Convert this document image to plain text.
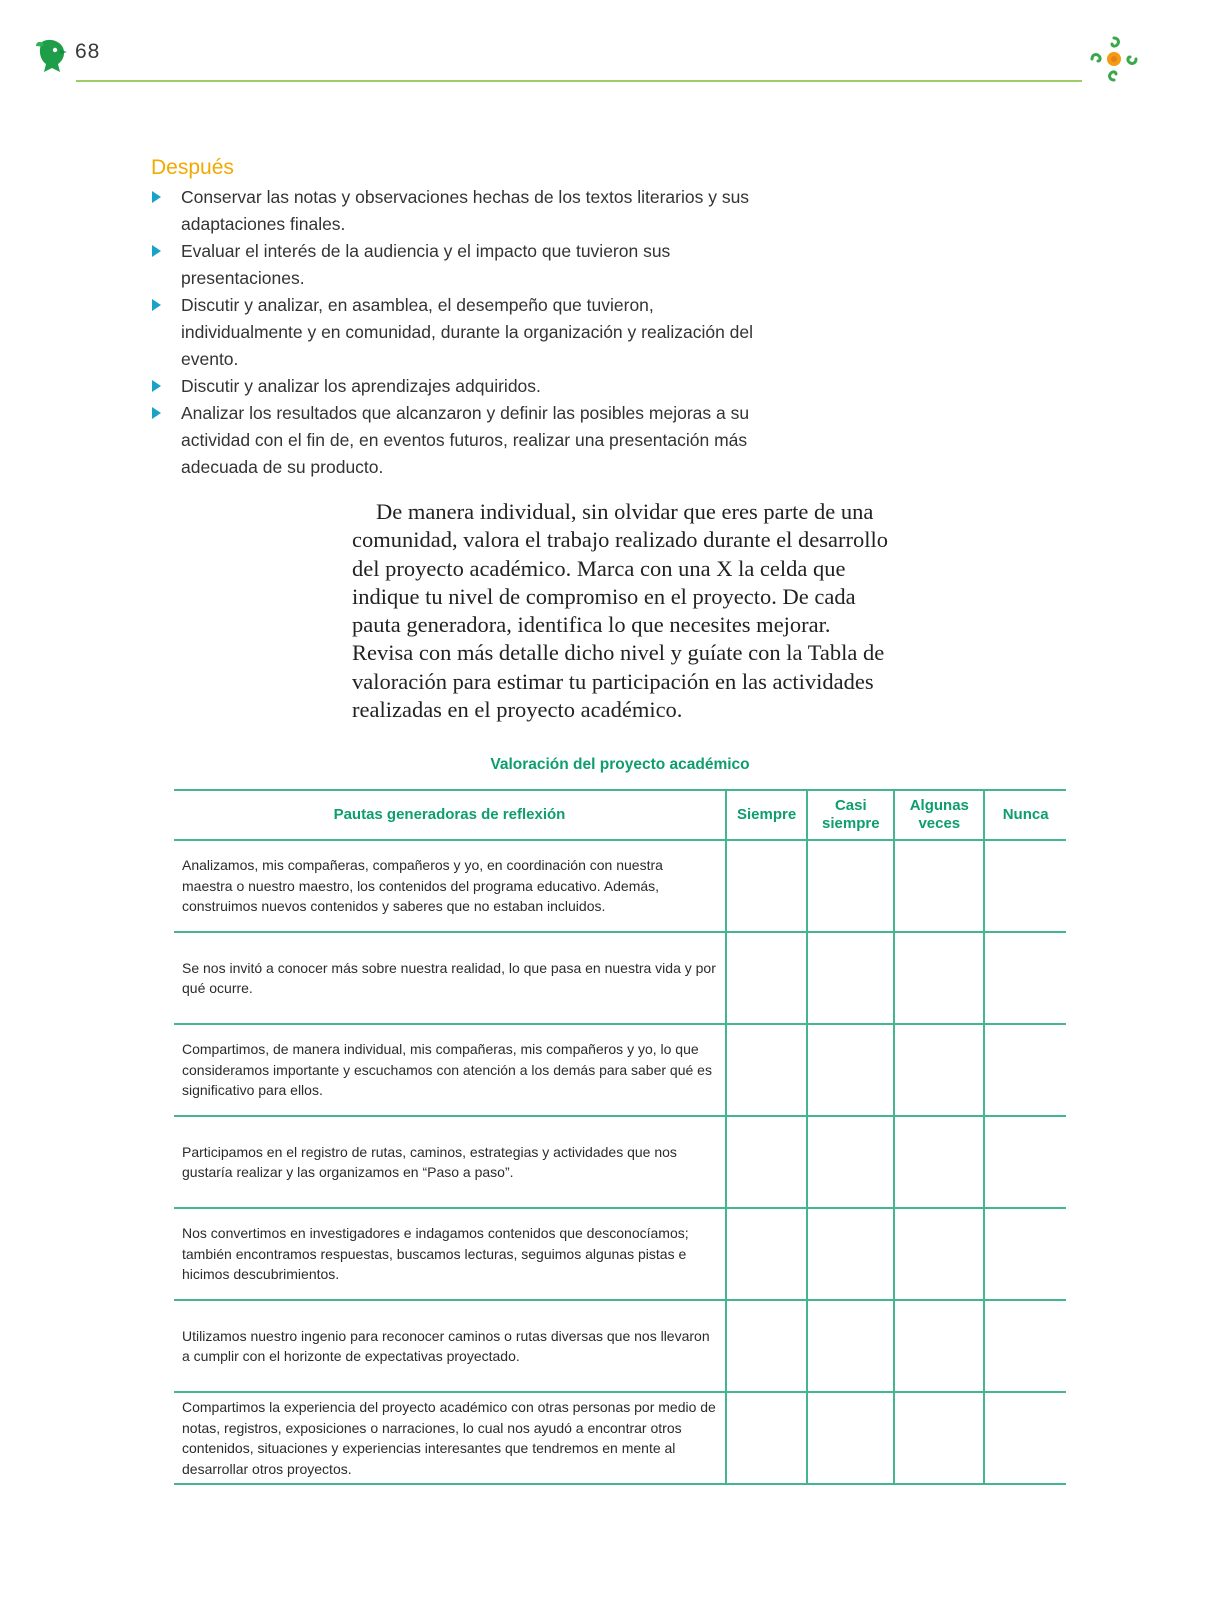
68
Después
Conservar las notas y observaciones hechas de los textos literarios y sus adaptaciones finales.
Evaluar el interés de la audiencia y el impacto que tuvieron sus presentaciones.
Discutir y analizar, en asamblea, el desempeño que tuvieron, individualmente y en comunidad, durante la organización y realización del evento.
Discutir y analizar los aprendizajes adquiridos.
Analizar los resultados que alcanzaron y definir las posibles mejoras a su actividad con el fin de, en eventos futuros, realizar una presentación más adecuada de su producto.

De manera individual, sin olvidar que eres parte de una comunidad, valora el trabajo realizado durante el desarrollo del proyecto académico. Marca con una X la celda que indique tu nivel de compromiso en el proyecto. De cada pauta generadora, identifica lo que necesites mejorar. Revisa con más detalle dicho nivel y guíate con la Tabla de valoración para estimar tu participación en las actividades realizadas en el proyecto académico.

Valoración del proyecto académico
Pautas generadoras de reflexión	Siempre	Casi siempre	Algunas veces	Nunca
Analizamos, mis compañeras, compañeros y yo, en coordinación con nuestra maestra o nuestro maestro, los contenidos del programa educativo. Además, construimos nuevos contenidos y saberes que no estaban incluidos.				
Se nos invitó a conocer más sobre nuestra realidad, lo que pasa en nuestra vida y por qué ocurre.				
Compartimos, de manera individual, mis compañeras, mis compañeros y yo, lo que consideramos importante y escuchamos con atención a los demás para saber qué es significativo para ellos.				
Participamos en el registro de rutas, caminos, estrategias y actividades que nos gustaría realizar y las organizamos en “Paso a paso”.				
Nos convertimos en investigadores e indagamos contenidos que desconocíamos; también encontramos respuestas, buscamos lecturas, seguimos algunas pistas e hicimos descubrimientos.				
Utilizamos nuestro ingenio para reconocer caminos o rutas diversas que nos llevaron a cumplir con el horizonte de expectativas proyectado.				
Compartimos la experiencia del proyecto académico con otras personas por medio de notas, registros, exposiciones o narraciones, lo cual nos ayudó a encontrar otros contenidos, situaciones y experiencias interesantes que tendremos en mente al desarrollar otros proyectos.				
